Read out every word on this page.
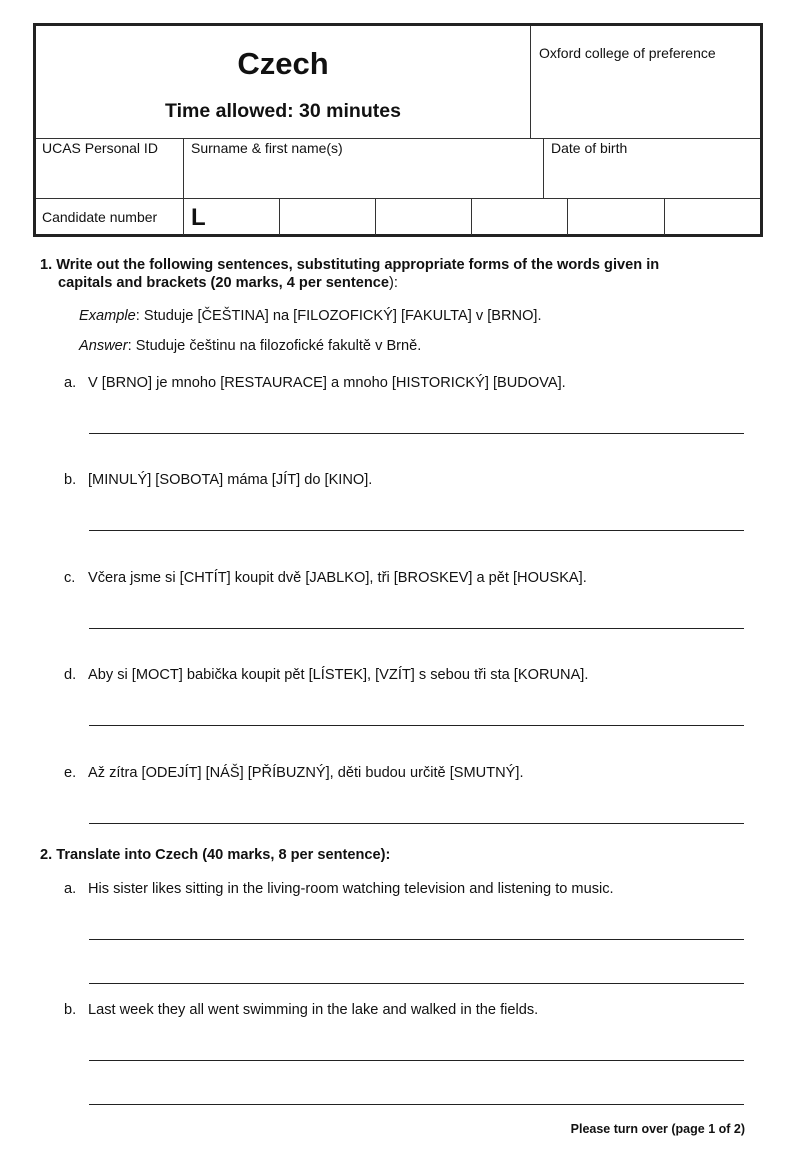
Czech
Time allowed: 30 minutes
Oxford college of preference
UCAS Personal ID Surname & first name(s)	Date of birth
Candidate number L
1. Write out the following sentences, substituting appropriate forms of the words given in
capitals and brackets (20 marks, 4 per sentence):
Example: Studuje [ČEŠTINA] na [FILOZOFICKÝ] [FAKULTA] v [BRNO].
Answer: Studuje češtinu na filozofické fakultě v Brně.
a. V [BRNO] je mnoho [RESTAURACE] a mnoho [HISTORICKÝ] [BUDOVA].
b. [MINULÝ] [SOBOTA] máma [JÍT] do [KINO].
c. Včera jsme si [CHTÍT] koupit dvě [JABLKO], tři [BROSKEV] a pět [HOUSKA].
d. Aby si [MOCT] babička koupit pět [LÍSTEK], [VZÍT] s sebou tři sta [KORUNA].
e. Až zítra [ODEJÍT] [NÁŠ] [PŘÍBUZNÝ], děti budou určitě [SMUTNÝ].
2. Translate into Czech (40 marks, 8 per sentence):
a. His sister likes sitting in the living-room watching television and listening to music.
b. Last week they all went swimming in the lake and walked in the fields.
Please turn over (page 1 of 2)
